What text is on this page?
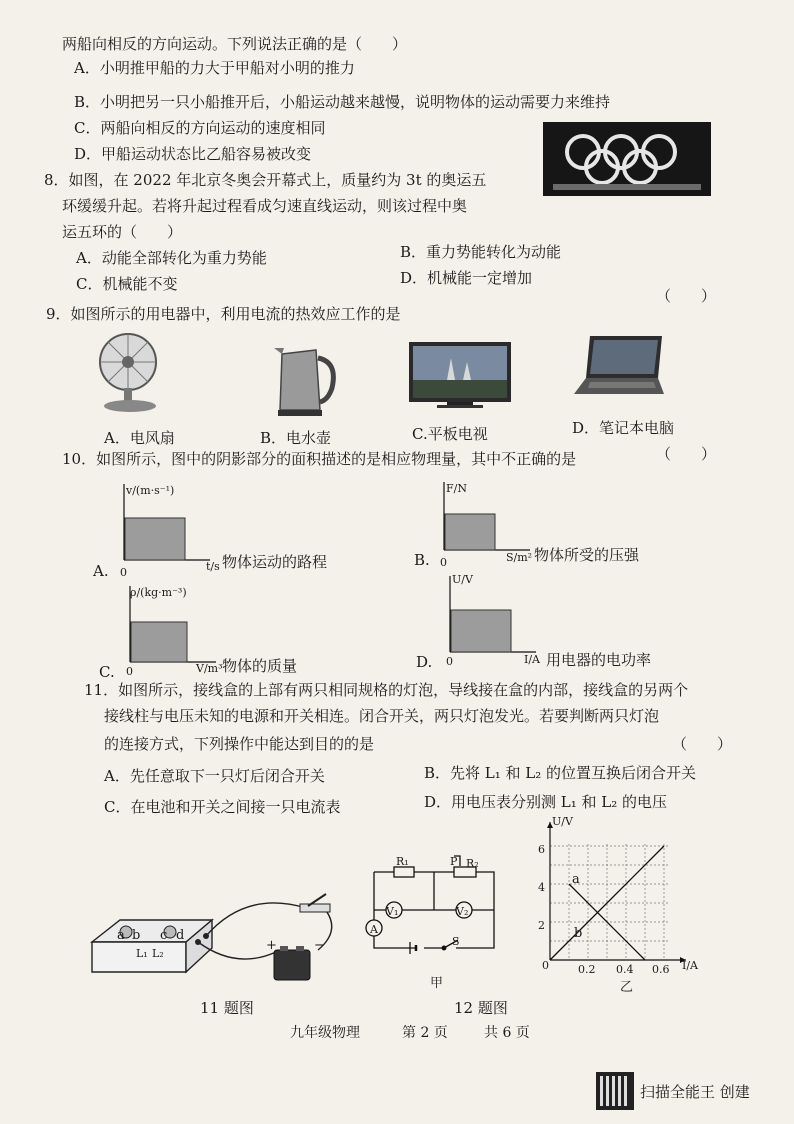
两船向相反的方向运动。下列说法正确的是（　　）
A．小明推甲船的力大于甲船对小明的推力
B．小明把另一只小船推开后，小船运动越来越慢，说明物体的运动需要力来维持
C．两船向相反的方向运动的速度相同
D．甲船运动状态比乙船容易被改变
8．如图，在 2022 年北京冬奥会开幕式上，质量约为 3t 的奥运五
环缓缓升起。若将升起过程看成匀速直线运动，则该过程中奥
运五环的（　　）
A．动能全部转化为重力势能	B．重力势能转化为动能
C．机械能不变	D．机械能一定增加
9．如图所示的用电器中，利用电流的热效应工作的是
（　　）
A．电风扇	B．电水壶	C.平板电视	D．笔记本电脑
10．如图所示，图中的阴影部分的面积描述的是相应物理量，其中不正确的是	（　　）
A.
v/(m·s⁻¹)
0	t/s 物体运动的路程	B.
F/N
0	S/m² 物体所受的压强
C.
ρ/(kg·m⁻³)
0	V/m³ 物体的质量	D.
U/V
0	I/A 用电器的电功率
11．如图所示，接线盒的上部有两只相同规格的灯泡，导线接在盒的内部，接线盒的另两个
接线柱与电压未知的电源和开关相连。闭合开关，两只灯泡发光。若要判断两只灯泡
的连接方式，下列操作中能达到目的的是	（　　）
A．先任意取下一只灯后闭合开关	B．先将 L₁ 和 L₂ 的位置互换后闭合开关
C．在电池和开关之间接一只电流表	D．用电压表分别测 L₁ 和 L₂ 的电压
a b c d
L₁ L₂
+	−
11 题图
R₁	P R₂
V₁	V₂
A
S
甲
U/V
6
4
2
0	0.2 0.4 0.6 I/A
a
b
乙
12 题图
九年级物理	第 2 页	共 6 页
扫描全能王 创建
